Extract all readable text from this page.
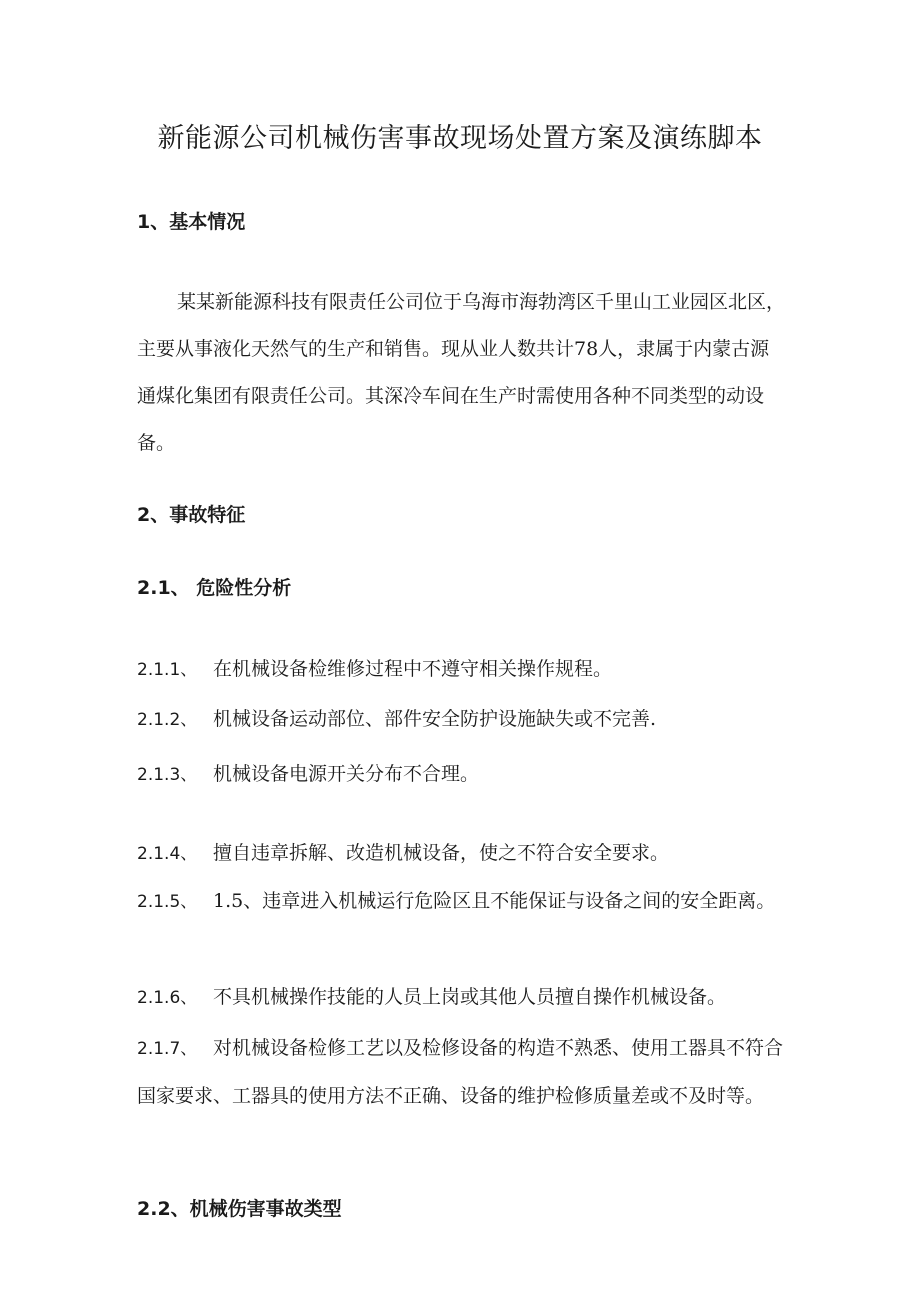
新能源公司机械伤害事故现场处置方案及演练脚本
1、基本情况

某某新能源科技有限责任公司位于乌海市海勃湾区千里山工业园区北区，主要从事液化天然气的生产和销售。现从业人数共计78人，隶属于内蒙古源通煤化集团有限责任公司。其深冷车间在生产时需使用各种不同类型的动设备。

2、事故特征
2.1、 危险性分析

2.1.1、 在机械设备检维修过程中不遵守相关操作规程。

2.1.2、 机械设备运动部位、部件安全防护设施缺失或不完善.

2.1.3、 机械设备电源开关分布不合理。

2.1.4、 擅自违章拆解、改造机械设备，使之不符合安全要求。

2.1.5、 1.5、违章进入机械运行危险区且不能保证与设备之间的安全距离。

2.1.6、 不具机械操作技能的人员上岗或其他人员擅自操作机械设备。

2.1.7、 对机械设备检修工艺以及检修设备的构造不熟悉、使用工器具不符合国家要求、工器具的使用方法不正确、设备的维护检修质量差或不及时等。

2.2、机械伤害事故类型
